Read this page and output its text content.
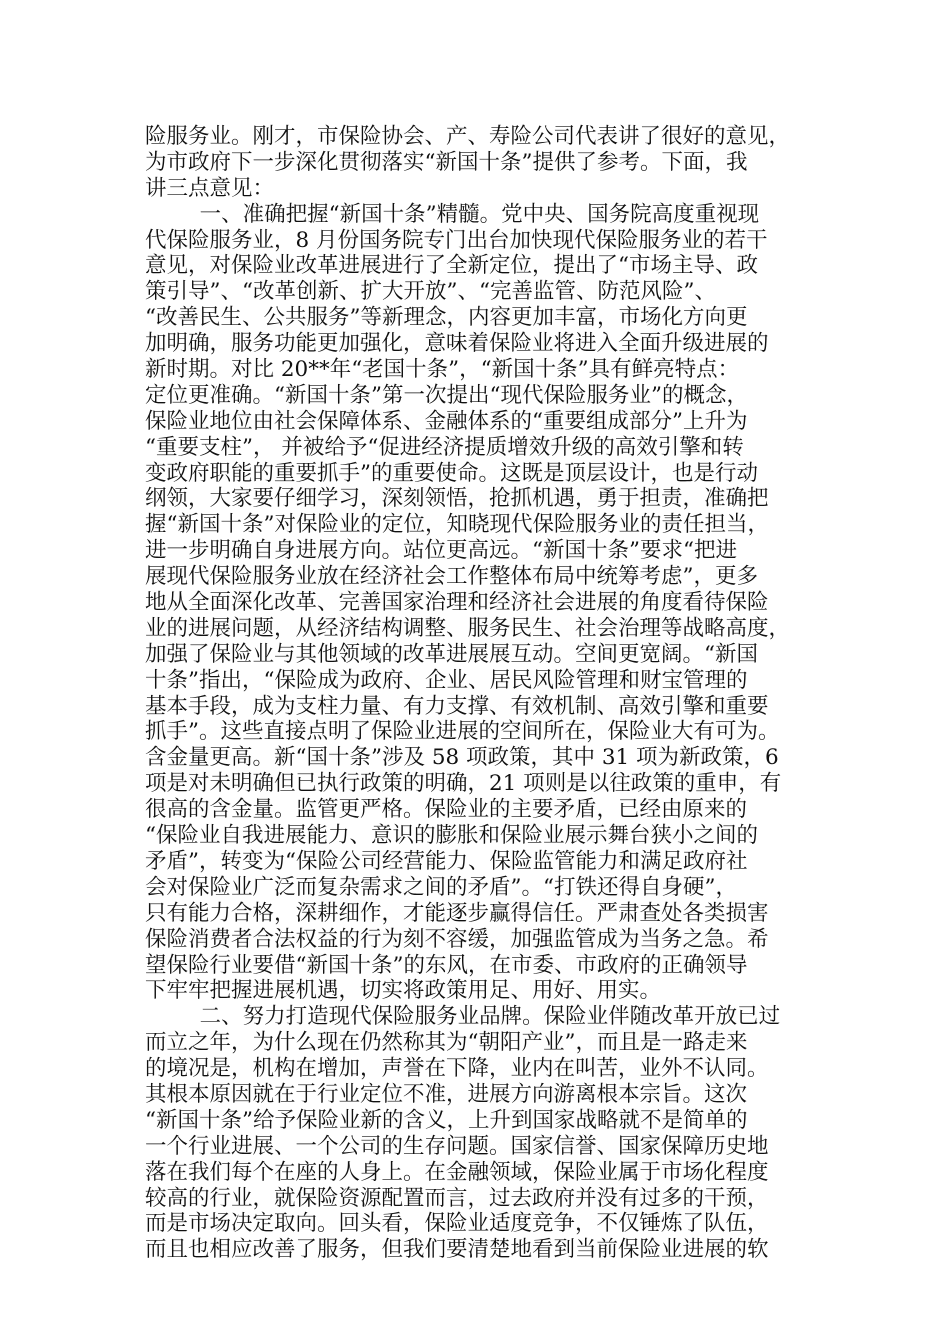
险服务业。刚才，市保险协会、产、寿险公司代表讲了很好的意见，
为市政府下一步深化贯彻落实“新国十条”提供了参考。下面，我
讲三点意见：
一、准确把握“新国十条”精髓。党中央、国务院高度重视现
代保险服务业，8 月份国务院专门出台加快现代保险服务业的若干
意见，对保险业改革进展进行了全新定位，提出了“市场主导、政
策引导”、“改革创新、扩大开放”、“完善监管、防范风险”、
“改善民生、公共服务”等新理念，内容更加丰富，市场化方向更
加明确，服务功能更加强化，意味着保险业将进入全面升级进展的
新时期。对比 20**年“老国十条”，“新国十条”具有鲜亮特点：
定位更准确。“新国十条”第一次提出“现代保险服务业”的概念，
保险业地位由社会保障体系、金融体系的“重要组成部分”上升为
“重要支柱”， 并被给予“促进经济提质增效升级的高效引擎和转
变政府职能的重要抓手”的重要使命。这既是顶层设计，也是行动
纲领，大家要仔细学习，深刻领悟，抢抓机遇，勇于担责，准确把
握“新国十条”对保险业的定位，知晓现代保险服务业的责任担当，
进一步明确自身进展方向。站位更高远。“新国十条”要求“把进
展现代保险服务业放在经济社会工作整体布局中统筹考虑”，更多
地从全面深化改革、完善国家治理和经济社会进展的角度看待保险
业的进展问题，从经济结构调整、服务民生、社会治理等战略高度，
加强了保险业与其他领域的改革进展展互动。空间更宽阔。“新国
十条”指出，“保险成为政府、企业、居民风险管理和财宝管理的
基本手段，成为支柱力量、有力支撑、有效机制、高效引擎和重要
抓手”。这些直接点明了保险业进展的空间所在，保险业大有可为。
含金量更高。新“国十条”涉及 58 项政策，其中 31 项为新政策，6
项是对未明确但已执行政策的明确，21 项则是以往政策的重申，有
很高的含金量。监管更严格。保险业的主要矛盾，已经由原来的
“保险业自我进展能力、意识的膨胀和保险业展示舞台狭小之间的
矛盾”，转变为“保险公司经营能力、保险监管能力和满足政府社
会对保险业广泛而复杂需求之间的矛盾”。“打铁还得自身硬”，
只有能力合格，深耕细作，才能逐步赢得信任。严肃查处各类损害
保险消费者合法权益的行为刻不容缓，加强监管成为当务之急。希
望保险行业要借“新国十条”的东风，在市委、市政府的正确领导
下牢牢把握进展机遇，切实将政策用足、用好、用实。
二、努力打造现代保险服务业品牌。保险业伴随改革开放已过
而立之年，为什么现在仍然称其为“朝阳产业”，而且是一路走来
的境况是，机构在增加，声誉在下降，业内在叫苦，业外不认同。
其根本原因就在于行业定位不准，进展方向游离根本宗旨。这次
“新国十条”给予保险业新的含义，上升到国家战略就不是简单的
一个行业进展、一个公司的生存问题。国家信誉、国家保障历史地
落在我们每个在座的人身上。在金融领域，保险业属于市场化程度
较高的行业，就保险资源配置而言，过去政府并没有过多的干预，
而是市场决定取向。回头看，保险业适度竞争，不仅锤炼了队伍，
而且也相应改善了服务，但我们要清楚地看到当前保险业进展的软
